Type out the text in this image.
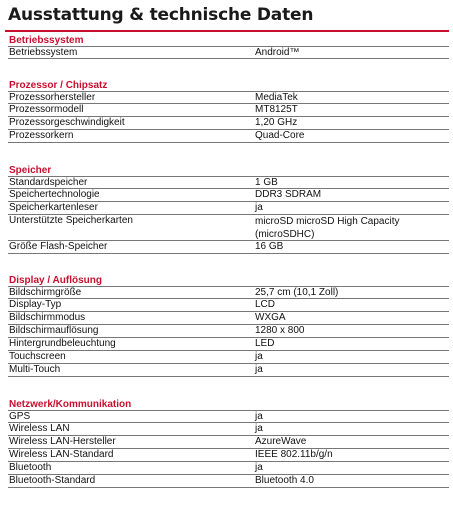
Ausstattung & technische Daten
Betriebssystem
Betriebssystem	Android™
Prozessor / Chipsatz
Prozessorhersteller	MediaTek
Prozessormodell	MT8125T
Prozessorgeschwindigkeit	1,20 GHz
Prozessorkern	Quad-Core
Speicher
Standardspeicher	1 GB
Speichertechnologie	DDR3 SDRAM
Speicherkartenleser	ja
Unterstützte Speicherkarten	microSD microSD High Capacity (microSDHC)
Größe Flash-Speicher	16 GB
Display / Auflösung
Bildschirmgröße	25,7 cm (10,1 Zoll)
Display-Typ	LCD
Bildschirmmodus	WXGA
Bildschirmauflösung	1280 x 800
Hintergrundbeleuchtung	LED
Touchscreen	ja
Multi-Touch	ja
Netzwerk/Kommunikation
GPS	ja
Wireless LAN	ja
Wireless LAN-Hersteller	AzureWave
Wireless LAN-Standard	IEEE 802.11b/g/n
Bluetooth	ja
Bluetooth-Standard	Bluetooth 4.0
